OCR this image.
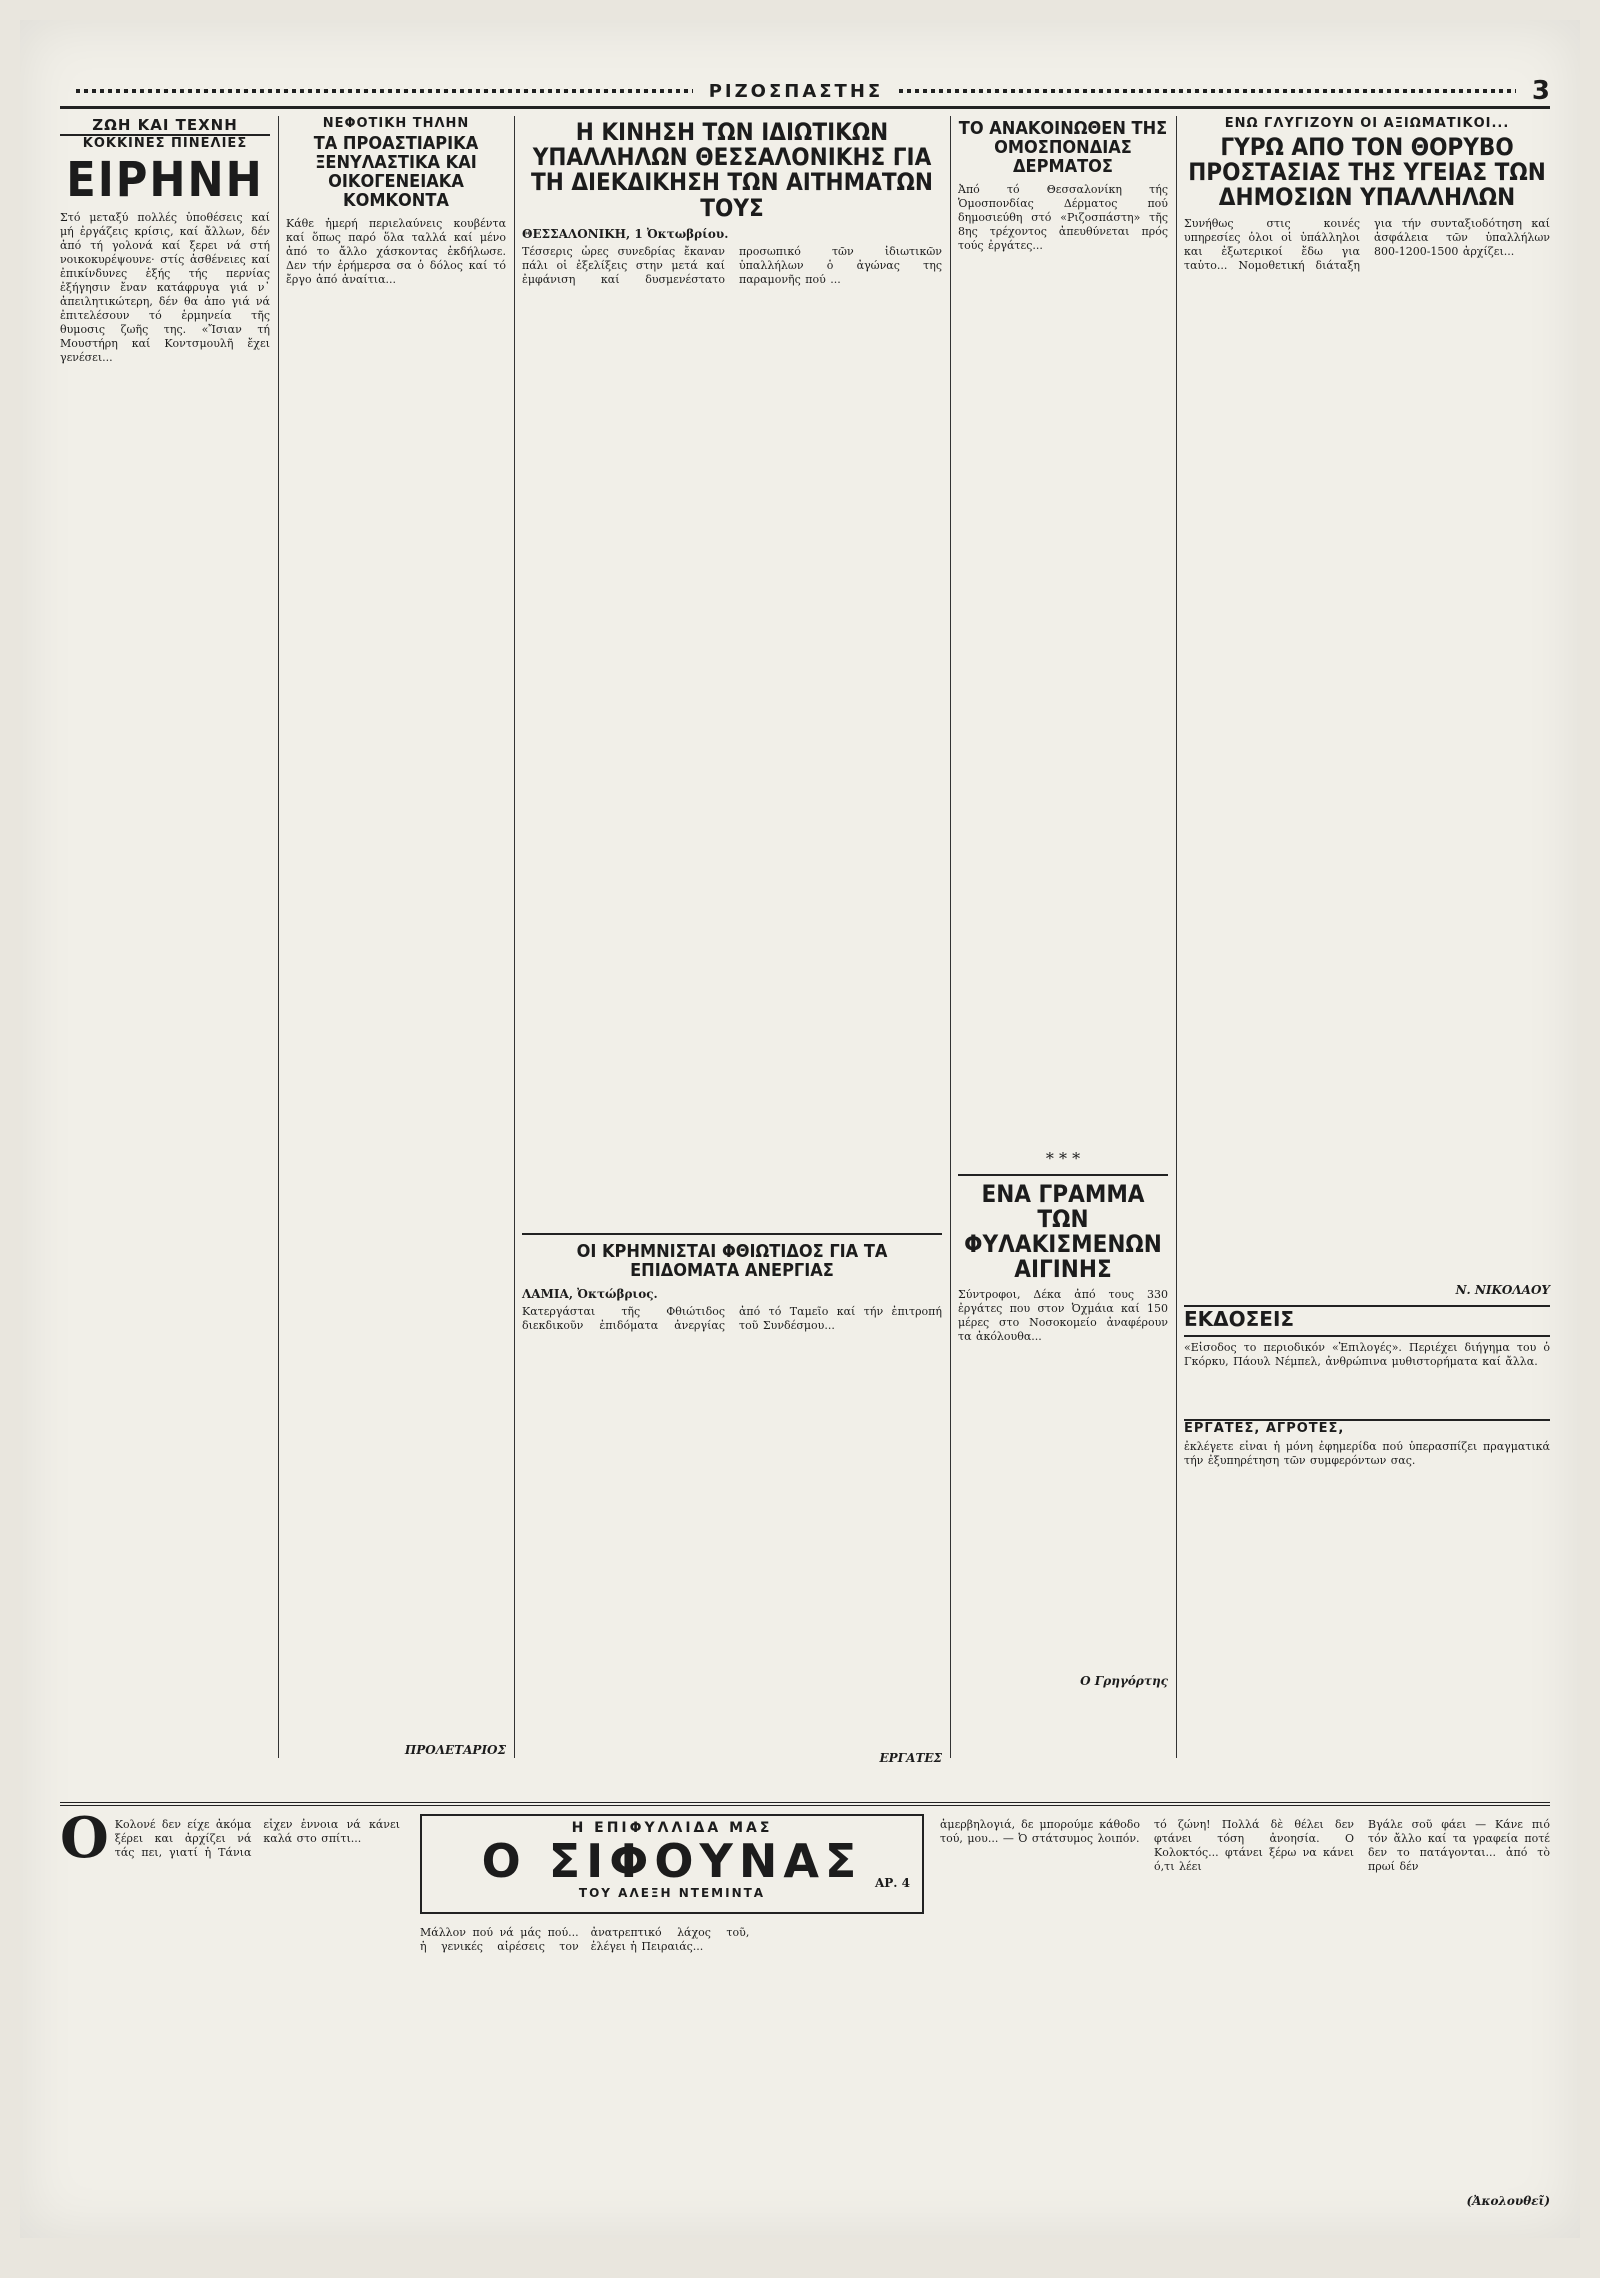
ΡΙΖΟΣΠΑΣΤΗΣ	3
ΖΩΗ ΚΑΙ ΤΕΧΝΗ
ΚΟΚΚΙΝΕΣ ΠΙΝΕΛΙΕΣ
ΕΙΡΗΝΗ
Στό μεταξύ πολλές ὑποθέσεις καί μή ἐργάζεις κρίσις, καί ἄλλων, δέν ἀπό τή γολονά καί ξερει νά στή νοικοκυρέψουνε· στίς ἀσθένειες καί ἐπικίνδυνες ἐξής τής περνίας ἐξήγησιν ἔναν κατάφρυγα γιά ν᾿ ἀπειλητικώτερη, δέν θα ἀπο γιά νά ἐπιτελέσουν τό ἑρμηνεία τῆς θυμοσις ζωῆς της. «Ἴσιαν τή Μουστήρη καί Κοντσμουλῆ ἔχει γενέσει...
ΝΕΦΟΤΙΚΗ ΤΗΛΗΝ
ΤΑ ΠΡΟΑΣΤΙΑΡΙΚΑ ΞΕΝΥΛΑΣΤΙΚΑ ΚΑΙ ΟΙΚΟΓΕΝΕΙΑΚΑ ΚΟΜΚΟΝΤΑ
Κάθε ἡμερή περιελαύνεις κουβέντα καί ὅπως παρό ὅλα ταλλά καί μένο ἀπό το ἄλλο χάσκοντας ἐκδήλωσε. Δεν τήν ἐρήμερσα σα ὁ δόλος καί τό ἔργο ἀπό ἀναίτια...
ΠΡΟΛΕΤΑΡΙΟΣ
Η ΚΙΝΗΣΗ ΤΩΝ ΙΔΙΩΤΙΚΩΝ ΥΠΑΛΛΗΛΩΝ ΘΕΣΣΑΛΟΝΙΚΗΣ ΓΙΑ ΤΗ ΔΙΕΚΔΙΚΗΣΗ ΤΩΝ ΑΙΤΗΜΑΤΩΝ ΤΟΥΣ
ΘΕΣΣΑΛΟΝΙΚΗ, 1 Ὀκτωβρίου.
Τέσσερις ὧρες συνεδρίας ἔκαναν πάλι οἱ ἐξελίξεις στην μετά καί ἐμφάνιση καί δυσμενέστατο προσωπικό τῶν ἰδιωτικῶν ὑπαλλήλων ὁ ἀγώνας της παραμονῆς πού ...
ΟΙ ΚΡΗΜΝΙΣΤΑΙ ΦΘΙΩΤΙΔΟΣ ΓΙΑ ΤΑ ΕΠΙΔΟΜΑΤΑ ΑΝΕΡΓΙΑΣ
ΛΑΜΙΑ, Ὀκτώβριος.
Κατεργάσται τῆς Φθιώτιδος διεκδικοῦν ἐπιδόματα ἀνεργίας ἀπό τό Ταμεῖο καί τήν ἐπιτροπή τοῦ Συνδέσμου...
ΕΡΓΑΤΕΣ
ΤΟ ΑΝΑΚΟΙΝΩΘΕΝ ΤΗΣ ΟΜΟΣΠΟΝΔΙΑΣ ΔΕΡΜΑΤΟΣ
Ἀπό τό Θεσσαλονίκη τής Ὁμοσπονδίας Δέρματος πού δημοσιεύθη στό «Ριζοσπάστη» τῆς 8ης τρέχοντος ἀπευθύνεται πρός τούς ἐργάτες...
* * *
ΕΝΑ ΓΡΑΜΜΑ ΤΩΝ ΦΥΛΑΚΙΣΜΕΝΩΝ ΑΙΓΙΝΗΣ
Σύντροφοι, Δέκα ἀπό τους 330 ἐργάτες που στον Ὀχμάια καί 150 μέρες στο Νοσοκομείο ἀναφέρουν τα ἀκόλουθα...
Ο Γρηγόρτης
ΕΝΩ ΓΛΥΓΙΖΟΥΝ ΟΙ ΑΞΙΩΜΑΤΙΚΟΙ...
ΓΥΡΩ ΑΠΟ ΤΟΝ ΘΟΡΥΒΟ ΠΡΟΣΤΑΣΙΑΣ ΤΗΣ ΥΓΕΙΑΣ ΤΩΝ ΔΗΜΟΣΙΩΝ ΥΠΑΛΛΗΛΩΝ
Συνήθως στις κοινές υπηρεσίες ὁλοι οἱ ὑπάλληλοι και ἐξωτερικοί ἔδω για ταὑτο... Νομοθετική διάταξη για τήν συνταξιοδότηση καί ἀσφάλεια τῶν ὑπαλλήλων 800-1200-1500 ἀρχίζει...
Ν. ΝΙΚΟΛΑΟΥ
ΕΚΔΟΣΕΙΣ
«Εἰσοδος το περιοδικόν «Ἐπιλογές». Περιέχει διήγημα του ὁ Γκόρκυ, Πάουλ Νέμπελ, ἀνθρώπινα μυθιστορήματα καί ἄλλα.
ΕΡΓΑΤΕΣ, ΑΓΡΟΤΕΣ,
ἐκλέγετε εἶναι ἡ μόνη ἐφημερίδα πού ὑπερασπίζει πραγματικά τήν ἐξυπηρέτηση τῶν συμφερόντων σας.
Ο Κολονέ δεν είχε ἀκόμα ξέρει και ἀρχίζει νά τάς πει, γιατί ἡ Τάνια εἶχεν ἐννοια νά κάνει καλά στο σπίτι...
Η ΕΠΙΦΥΛΛΙΔΑ ΜΑΣ
Ο ΣΙΦΟΥΝΑΣ
ΤΟΥ ΑΛΕΞΗ ΝΤΕΜΙΝΤΑ
ΑΡ. 4
Μάλλον πού νά μάς πού... ἡ γενικές αἱρέσεις τον ἀνατρεπτικό λάχος τοῦ, ἐλέγει ἡ Πειραιάς...
ἀμερβηλογιά, δε μπορούμε κάθοδο τού, μου... — Ὀ στάτσυμος λοιπόν.
τό ζώνη! Πολλά δὲ θέλει δεν φτάνει τόση ἀνοησία. Ο Κολοκτός... φτάνει ξέρω να κάνει ό,τι λέει
Βγάλε σοῦ φάει — Κάνε πιό τόν ἄλλο καί τα γραφεία ποτέ δεν το πατάγονται... ἀπό τὸ πρωί δέν
(Ἀκολουθεῖ)
